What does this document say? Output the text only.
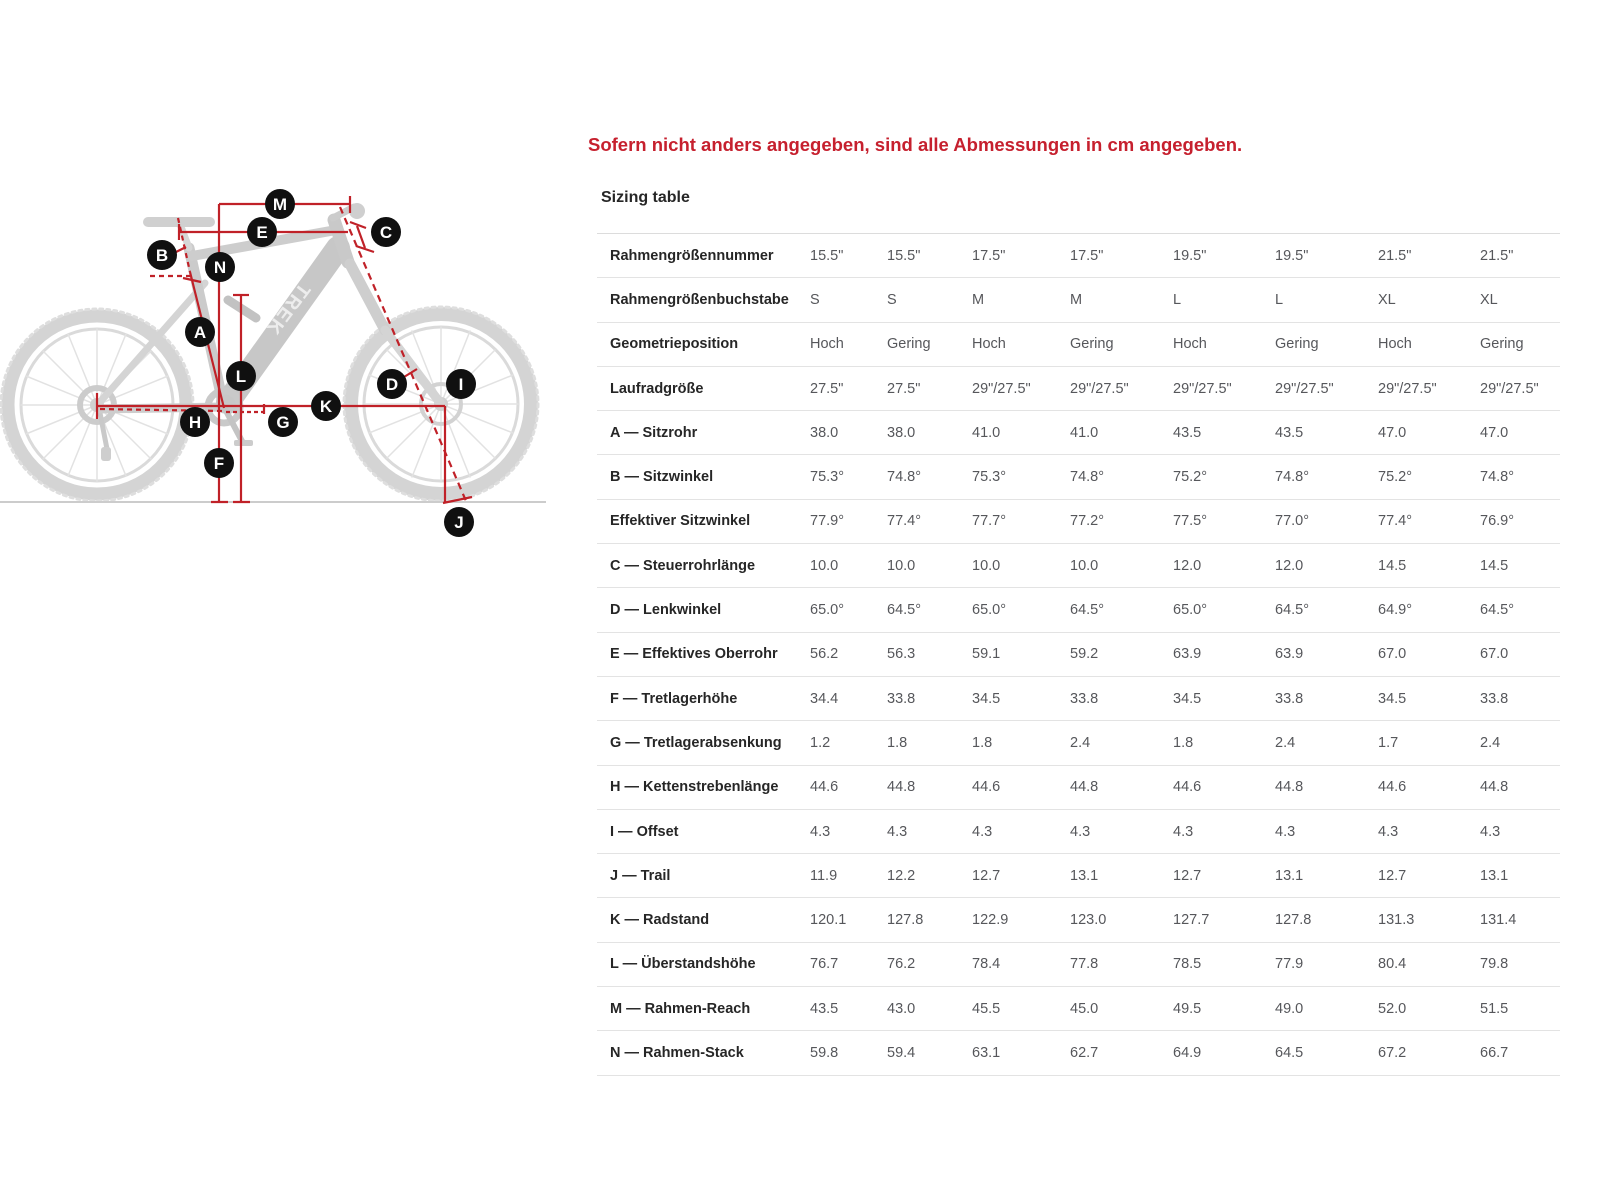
TREK
M
E	C
B
N
A
L	D	I
K
H	G
F
J
Sofern nicht anders angegeben, sind alle Abmessungen in cm angegeben.
Sizing table
Rahmengrößennummer	15.5"	15.5"	17.5"	17.5"	19.5"	19.5"	21.5"	21.5"
Rahmengrößenbuchstabe	S	S	M	M	L	L	XL	XL
Geometrieposition	Hoch	Gering	Hoch	Gering	Hoch	Gering	Hoch	Gering
Laufradgröße	27.5"	27.5"	29"/27.5"	29"/27.5"	29"/27.5"	29"/27.5"	29"/27.5"	29"/27.5"
A — Sitzrohr	38.0	38.0	41.0	41.0	43.5	43.5	47.0	47.0
B — Sitzwinkel	75.3°	74.8°	75.3°	74.8°	75.2°	74.8°	75.2°	74.8°
Effektiver Sitzwinkel	77.9°	77.4°	77.7°	77.2°	77.5°	77.0°	77.4°	76.9°
C — Steuerrohrlänge	10.0	10.0	10.0	10.0	12.0	12.0	14.5	14.5
D — Lenkwinkel	65.0°	64.5°	65.0°	64.5°	65.0°	64.5°	64.9°	64.5°
E — Effektives Oberrohr	56.2	56.3	59.1	59.2	63.9	63.9	67.0	67.0
F — Tretlagerhöhe	34.4	33.8	34.5	33.8	34.5	33.8	34.5	33.8
G — Tretlagerabsenkung	1.2	1.8	1.8	2.4	1.8	2.4	1.7	2.4
H — Kettenstrebenlänge	44.6	44.8	44.6	44.8	44.6	44.8	44.6	44.8
I — Offset	4.3	4.3	4.3	4.3	4.3	4.3	4.3	4.3
J — Trail	11.9	12.2	12.7	13.1	12.7	13.1	12.7	13.1
K — Radstand	120.1	127.8	122.9	123.0	127.7	127.8	131.3	131.4
L — Überstandshöhe	76.7	76.2	78.4	77.8	78.5	77.9	80.4	79.8
M — Rahmen-Reach	43.5	43.0	45.5	45.0	49.5	49.0	52.0	51.5
N — Rahmen-Stack	59.8	59.4	63.1	62.7	64.9	64.5	67.2	66.7
